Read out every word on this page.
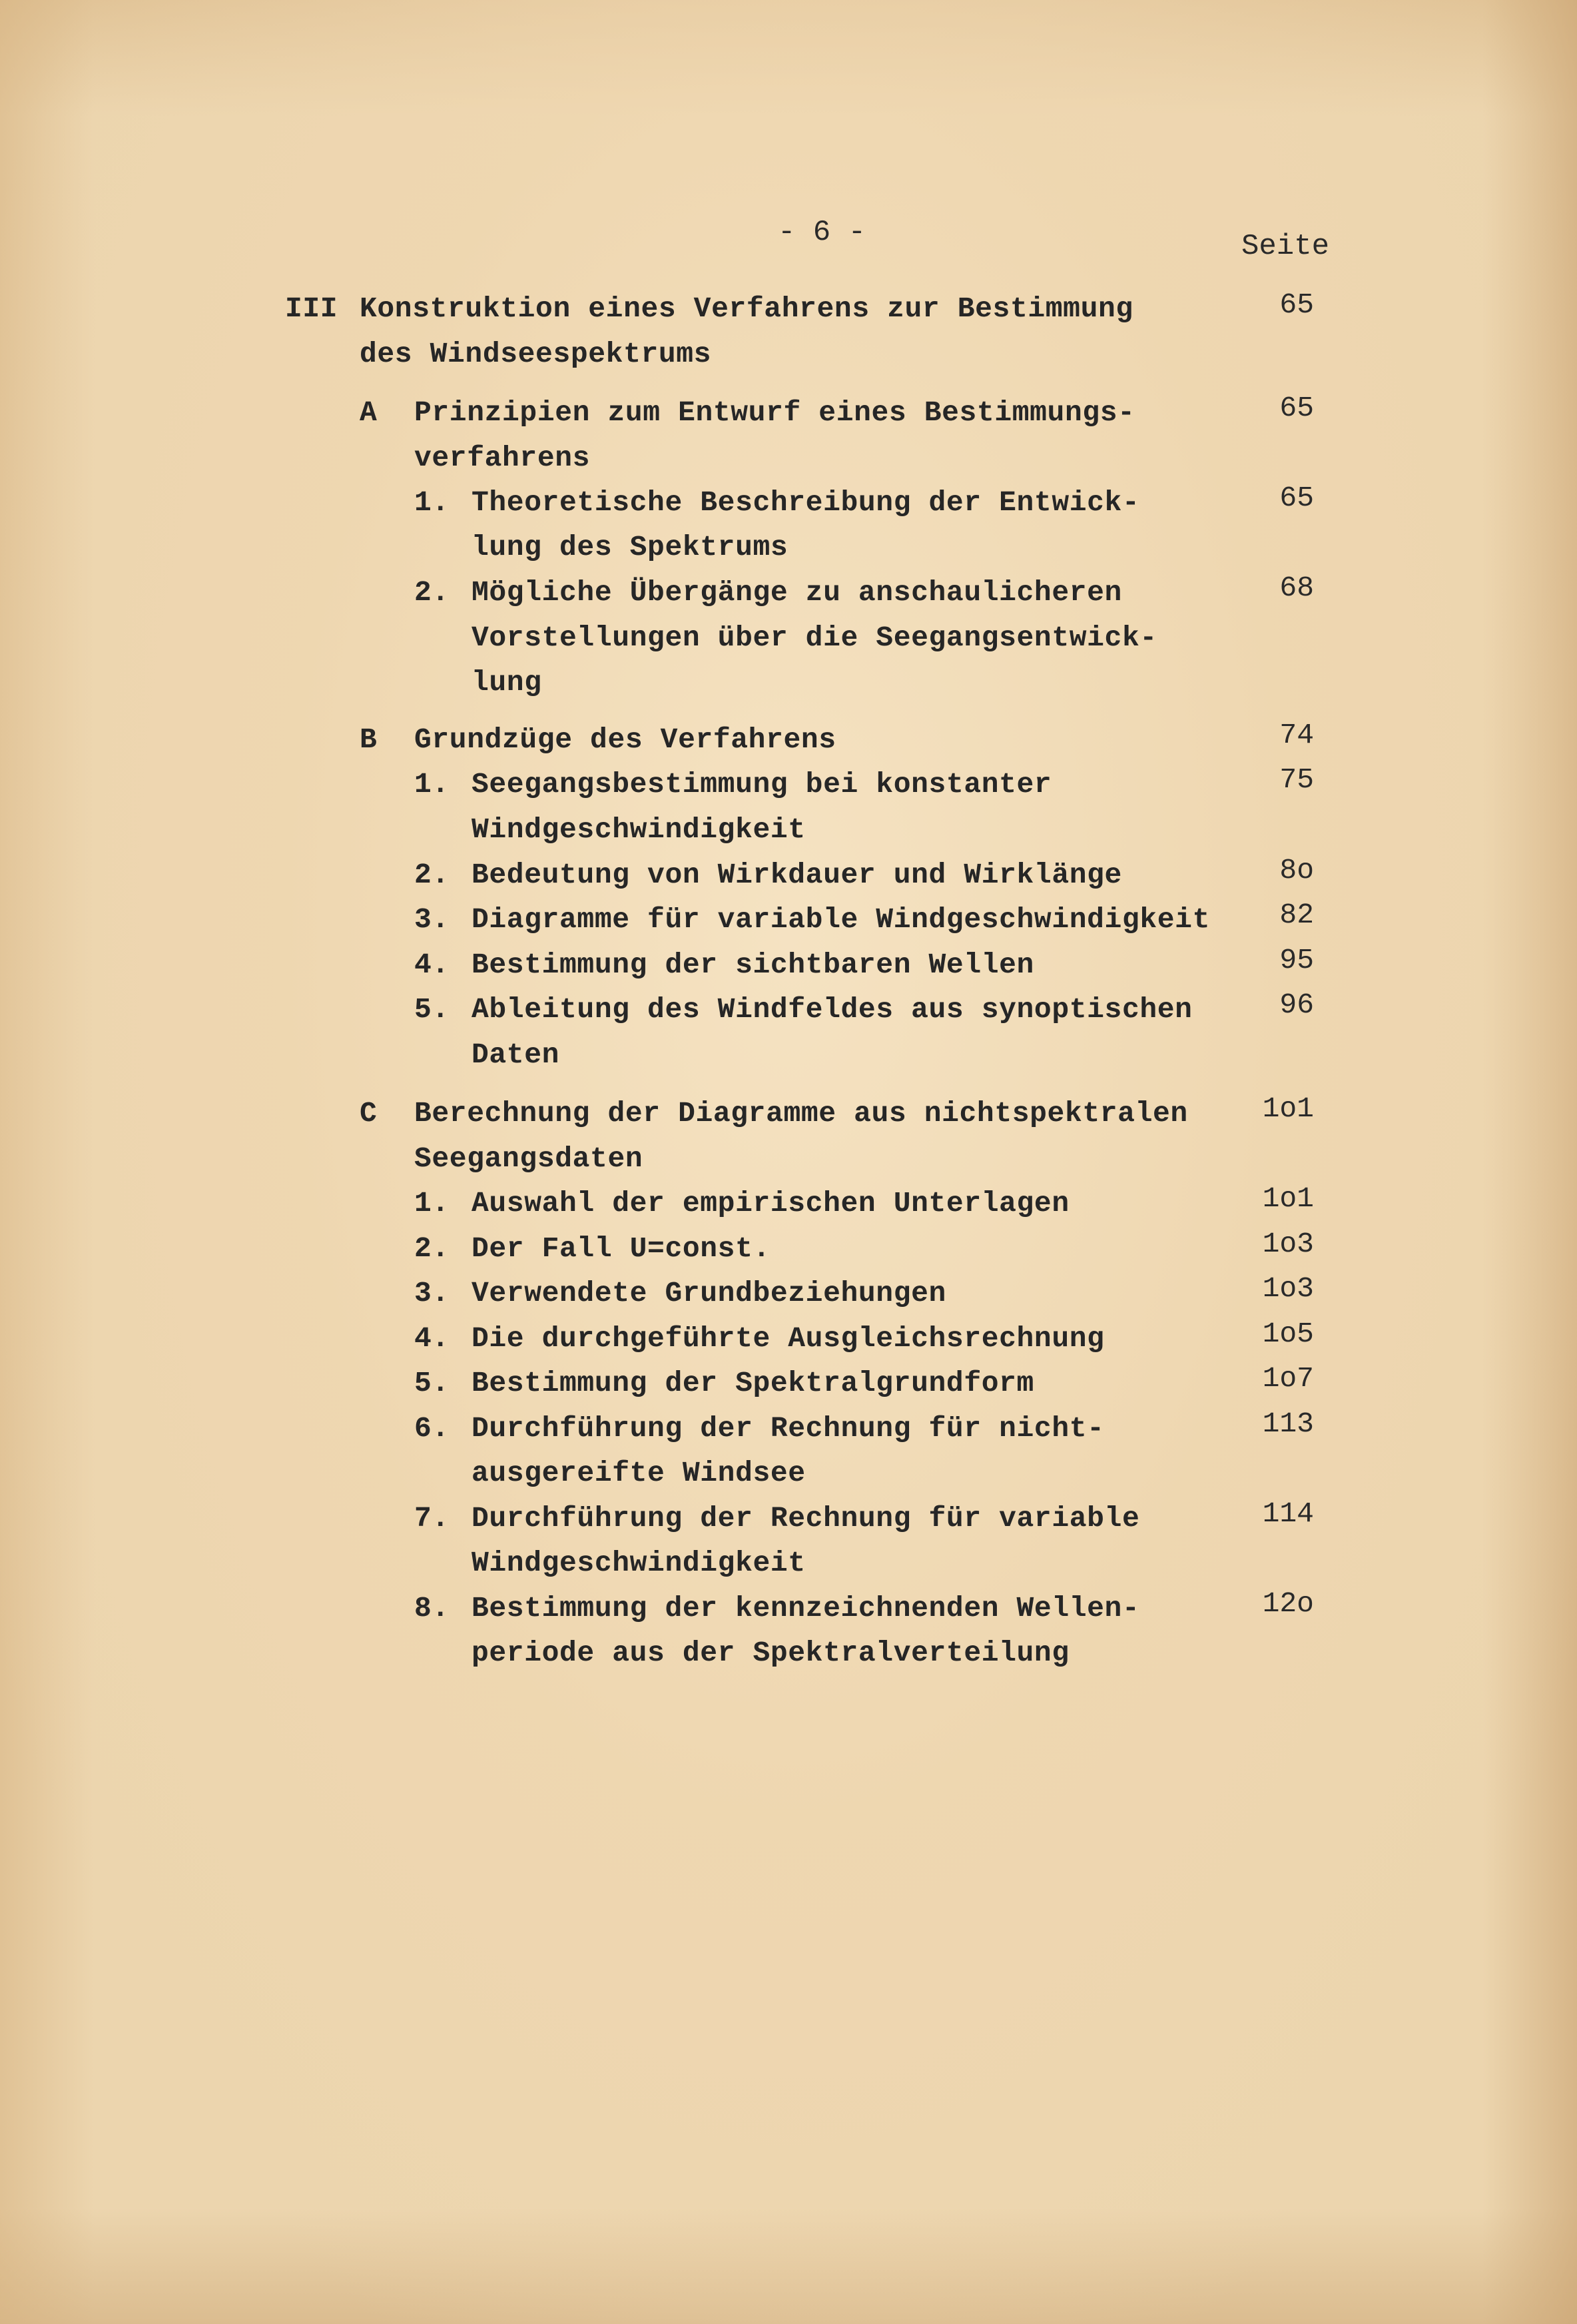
- 6 -	Seite
III Konstruktion eines Verfahrens zur Bestimmung	65
des Windseespektrums
A Prinzipien zum Entwurf eines Bestimmungs-	65
verfahrens
1. Theoretische Beschreibung der Entwick-	65
lung des Spektrums
2. Mögliche Übergänge zu anschaulicheren	68
Vorstellungen über die Seegangsentwick-
lung
B Grundzüge des Verfahrens	74
1. Seegangsbestimmung bei konstanter	75
Windgeschwindigkeit
2. Bedeutung von Wirkdauer und Wirklänge	8o
3. Diagramme für variable Windgeschwindigkeit	82
4. Bestimmung der sichtbaren Wellen	95
5. Ableitung des Windfeldes aus synoptischen	96
Daten
C Berechnung der Diagramme aus nichtspektralen	1o1
Seegangsdaten
1. Auswahl der empirischen Unterlagen	1o1
2. Der Fall U=const.	1o3
3. Verwendete Grundbeziehungen	1o3
4. Die durchgeführte Ausgleichsrechnung	1o5
5. Bestimmung der Spektralgrundform	1o7
6. Durchführung der Rechnung für nicht-	113
ausgereifte Windsee
7. Durchführung der Rechnung für variable	114
Windgeschwindigkeit
8. Bestimmung der kennzeichnenden Wellen-	12o
periode aus der Spektralverteilung
